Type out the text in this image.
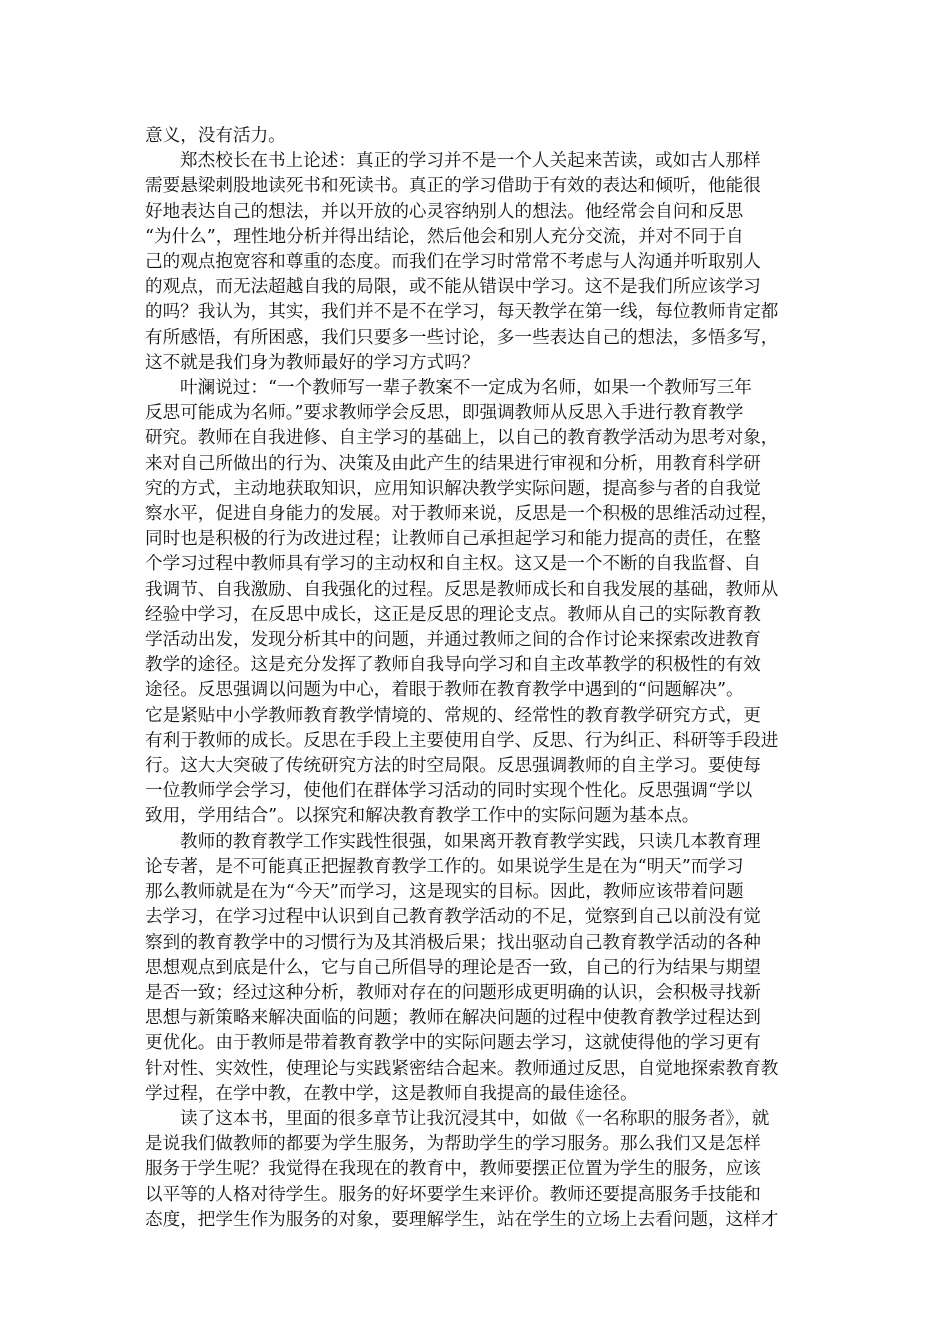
意义，没有活力。
郑杰校长在书上论述：真正的学习并不是一个人关起来苦读，或如古人那样
需要悬梁刺股地读死书和死读书。真正的学习借助于有效的表达和倾听，他能很
好地表达自己的想法，并以开放的心灵容纳别人的想法。他经常会自问和反思
“为什么”，理性地分析并得出结论，然后他会和别人充分交流，并对不同于自
己的观点抱宽容和尊重的态度。而我们在学习时常常不考虑与人沟通并听取别人
的观点，而无法超越自我的局限，或不能从错误中学习。这不是我们所应该学习
的吗？我认为，其实，我们并不是不在学习，每天教学在第一线，每位教师肯定都
有所感悟，有所困惑，我们只要多一些讨论，多一些表达自己的想法，多悟多写，
这不就是我们身为教师最好的学习方式吗？
叶澜说过：“一个教师写一辈子教案不一定成为名师，如果一个教师写三年
反思可能成为名师。”要求教师学会反思，即强调教师从反思入手进行教育教学
研究。教师在自我进修、自主学习的基础上，以自己的教育教学活动为思考对象，
来对自己所做出的行为、决策及由此产生的结果进行审视和分析，用教育科学研
究的方式，主动地获取知识，应用知识解决教学实际问题，提高参与者的自我觉
察水平，促进自身能力的发展。对于教师来说，反思是一个积极的思维活动过程，
同时也是积极的行为改进过程；让教师自己承担起学习和能力提高的责任，在整
个学习过程中教师具有学习的主动权和自主权。这又是一个不断的自我监督、自
我调节、自我激励、自我强化的过程。反思是教师成长和自我发展的基础，教师从
经验中学习，在反思中成长，这正是反思的理论支点。教师从自己的实际教育教
学活动出发，发现分析其中的问题，并通过教师之间的合作讨论来探索改进教育
教学的途径。这是充分发挥了教师自我导向学习和自主改革教学的积极性的有效
途径。反思强调以问题为中心，着眼于教师在教育教学中遇到的“问题解决”。
它是紧贴中小学教师教育教学情境的、常规的、经常性的教育教学研究方式，更
有利于教师的成长。反思在手段上主要使用自学、反思、行为纠正、科研等手段进
行。这大大突破了传统研究方法的时空局限。反思强调教师的自主学习。要使每
一位教师学会学习，使他们在群体学习活动的同时实现个性化。反思强调“学以
致用，学用结合”。以探究和解决教育教学工作中的实际问题为基本点。
教师的教育教学工作实践性很强，如果离开教育教学实践，只读几本教育理
论专著，是不可能真正把握教育教学工作的。如果说学生是在为“明天”而学习
那么教师就是在为“今天”而学习，这是现实的目标。因此，教师应该带着问题
去学习，在学习过程中认识到自己教育教学活动的不足，觉察到自己以前没有觉
察到的教育教学中的习惯行为及其消极后果；找出驱动自己教育教学活动的各种
思想观点到底是什么，它与自己所倡导的理论是否一致，自己的行为结果与期望
是否一致；经过这种分析，教师对存在的问题形成更明确的认识，会积极寻找新
思想与新策略来解决面临的问题；教师在解决问题的过程中使教育教学过程达到
更优化。由于教师是带着教育教学中的实际问题去学习，这就使得他的学习更有
针对性、实效性，使理论与实践紧密结合起来。教师通过反思，自觉地探索教育教
学过程，在学中教，在教中学，这是教师自我提高的最佳途径。
读了这本书，里面的很多章节让我沉浸其中，如做《一名称职的服务者》，就
是说我们做教师的都要为学生服务，为帮助学生的学习服务。那么我们又是怎样
服务于学生呢？我觉得在我现在的教育中，教师要摆正位置为学生的服务，应该
以平等的人格对待学生。服务的好坏要学生来评价。教师还要提高服务手技能和
态度，把学生作为服务的对象，要理解学生，站在学生的立场上去看问题，这样才
